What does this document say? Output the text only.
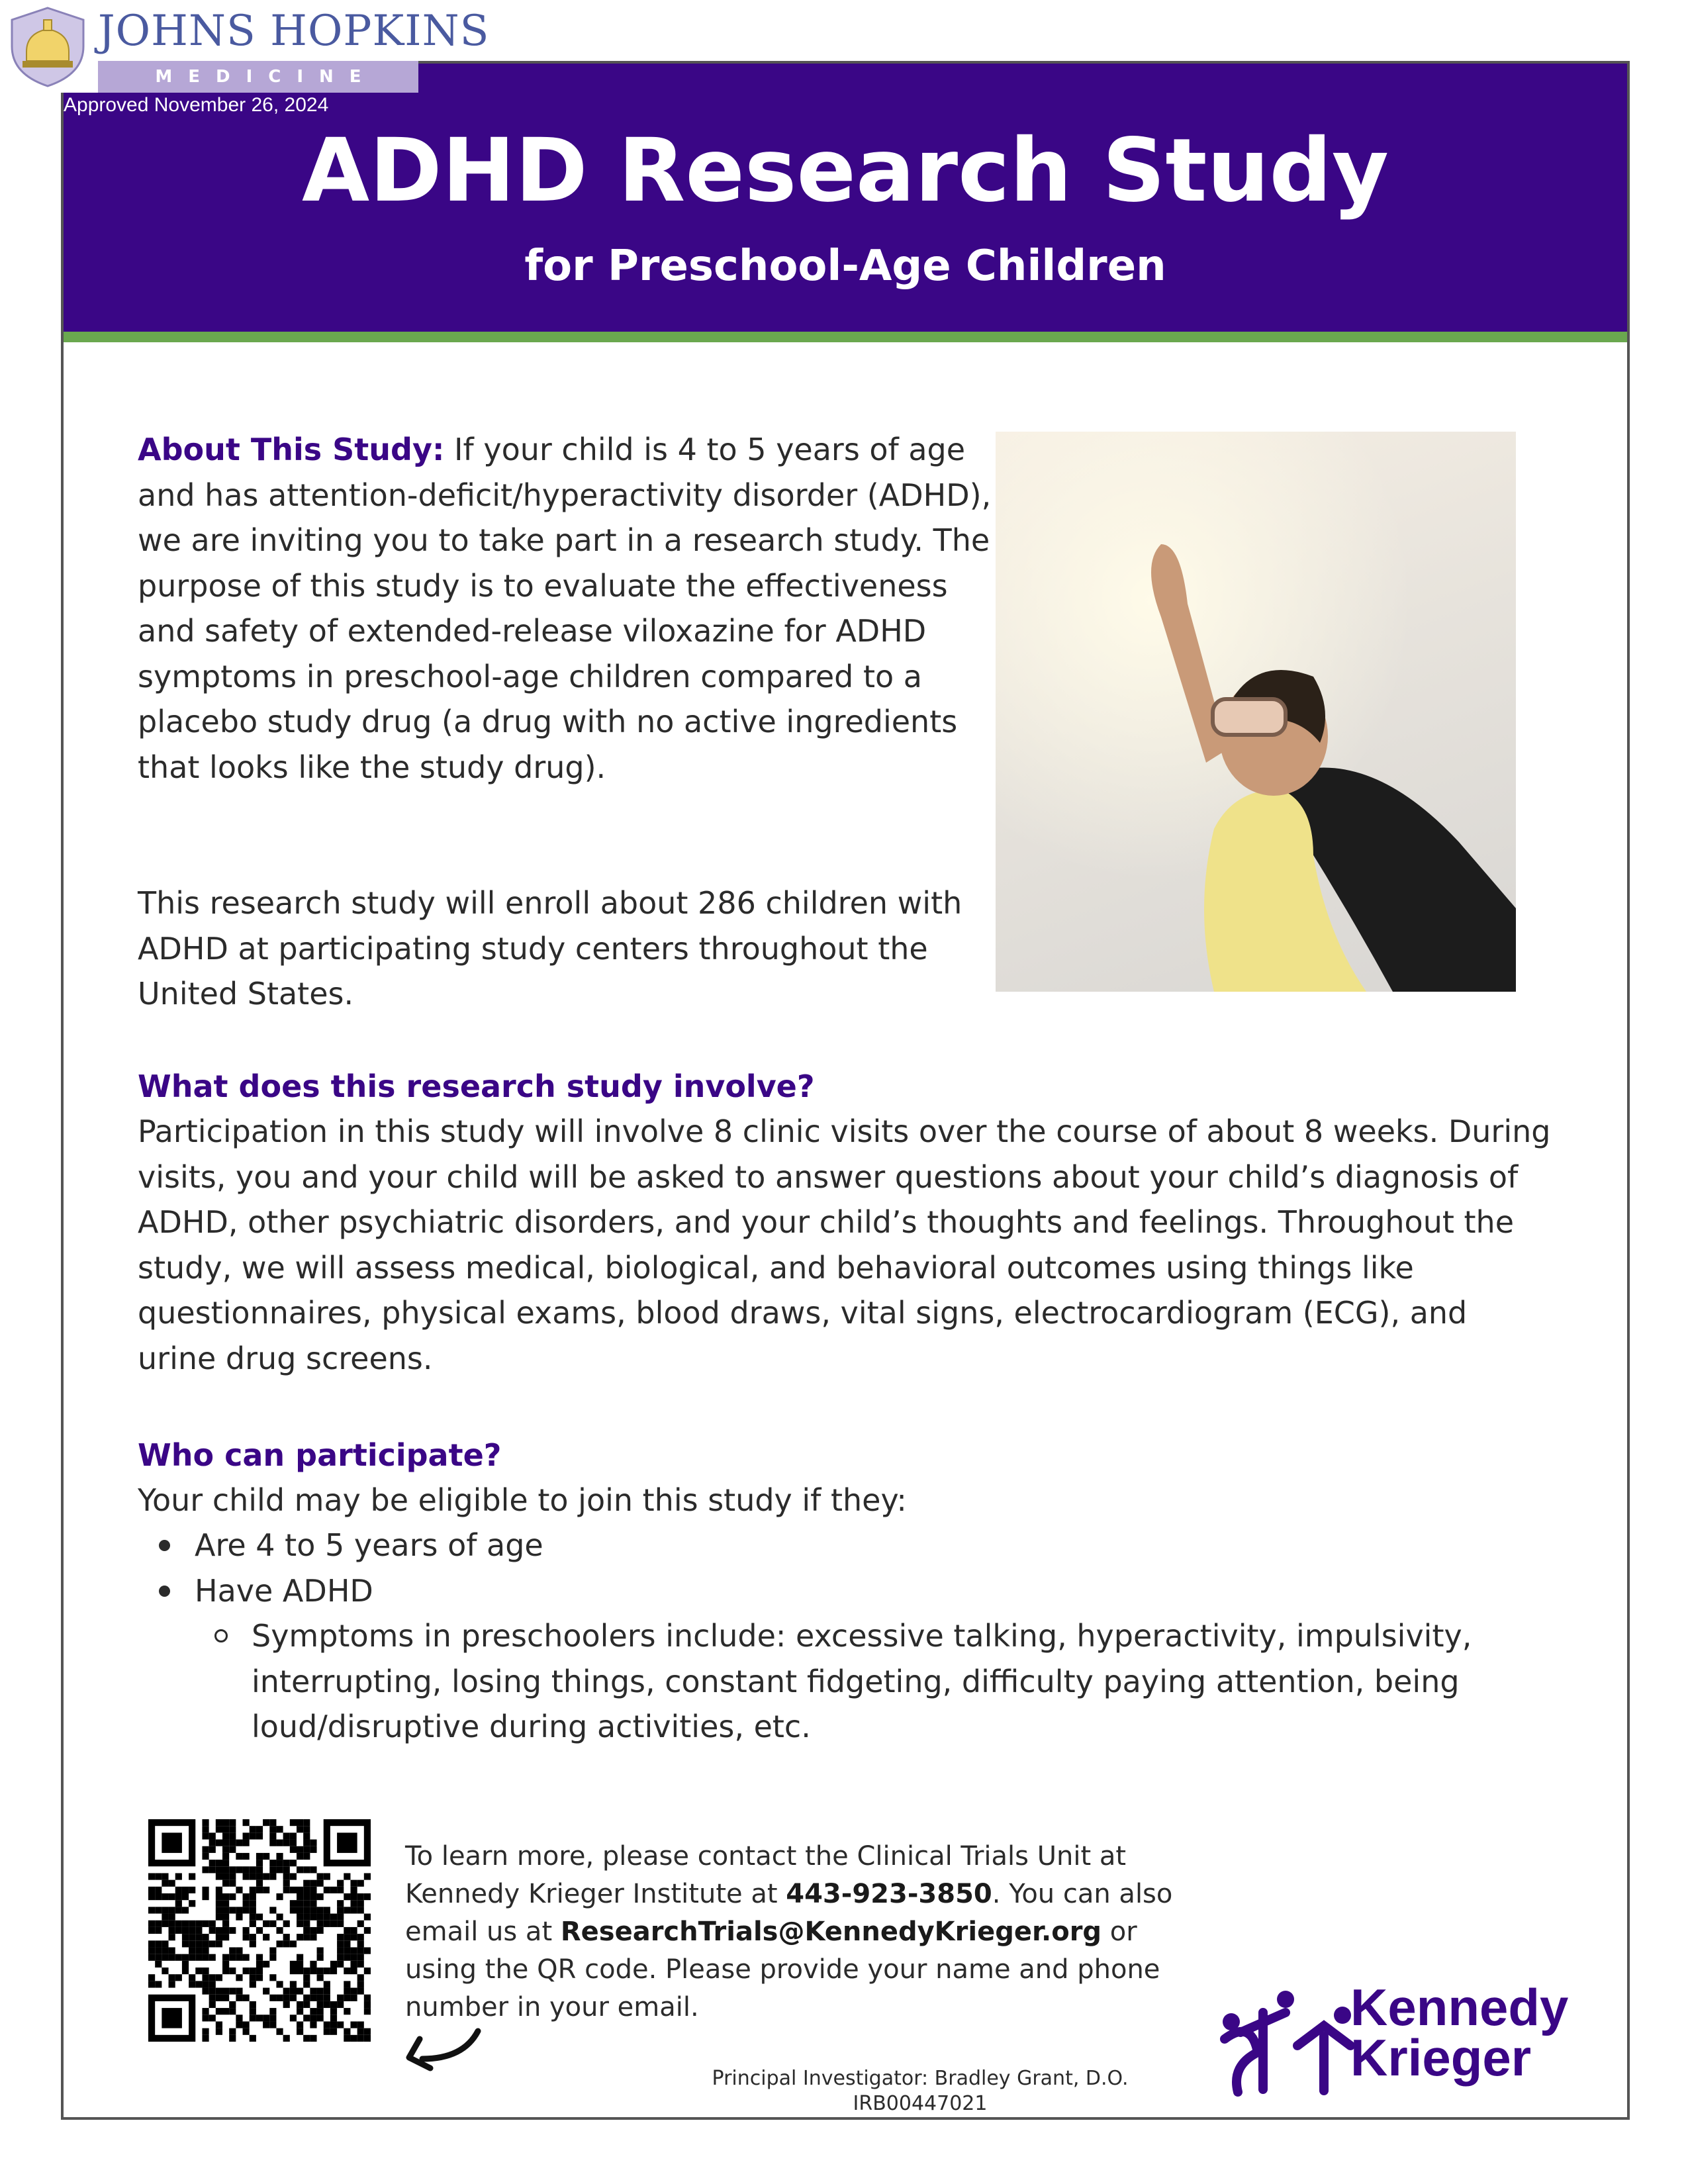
JOHNS HOPKINS
MEDICINE
Approved November 26, 2024
ADHD Research Study
for Preschool-Age Children

About This Study: If your child is 4 to 5 years of age and has attention-deficit/hyperactivity disorder (ADHD), we are inviting you to take part in a research study. The purpose of this study is to evaluate the effectiveness and safety of extended-release viloxazine for ADHD symptoms in preschool-age children compared to a placebo study drug (a drug with no active ingredients that looks like the study drug).

This research study will enroll about 286 children with ADHD at participating study centers throughout the United States.

What does this research study involve?

Participation in this study will involve 8 clinic visits over the course of about 8 weeks. During visits, you and your child will be asked to answer questions about your child’s diagnosis of ADHD, other psychiatric disorders, and your child’s thoughts and feelings. Throughout the study, we will assess medical, biological, and behavioral outcomes using things like questionnaires, physical exams, blood draws, vital signs, electrocardiogram (ECG), and urine drug screens.

Who can participate?

Your child may be eligible to join this study if they:

Are 4 to 5 years of age
Have ADHD
Symptoms in preschoolers include: excessive talking, hyperactivity, impulsivity, interrupting, losing things, constant fidgeting, difficulty paying attention, being loud/disruptive during activities, etc.

To learn more, please contact the Clinical Trials Unit at Kennedy Krieger Institute at 443-923-3850. You can also email us at ResearchTrials@KennedyKrieger.org or using the QR code. Please provide your name and phone number in your email.

Principal Investigator: Bradley Grant, D.O.
IRB00447021
Kennedy
Krieger
